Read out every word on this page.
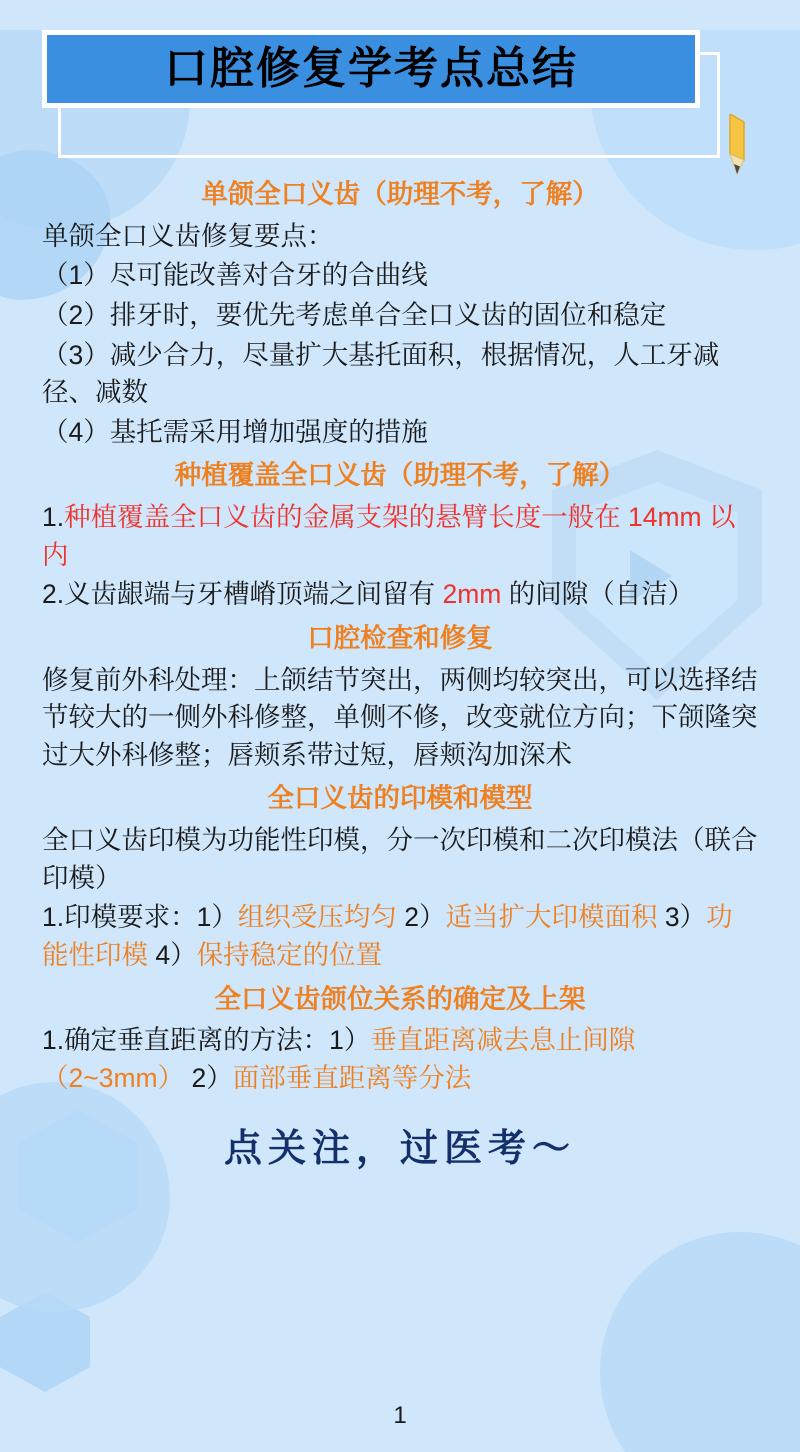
口腔修复学考点总结
单颌全口义齿（助理不考，了解）

单颌全口义齿修复要点：

（1）尽可能改善对合牙的合曲线

（2）排牙时，要优先考虑单合全口义齿的固位和稳定

（3）减少合力，尽量扩大基托面积，根据情况，人工牙减径、减数

（4）基托需采用增加强度的措施

种植覆盖全口义齿（助理不考，了解）

1.种植覆盖全口义齿的金属支架的悬臂长度一般在 14mm 以内

2.义齿龈端与牙槽嵴顶端之间留有 2mm 的间隙（自洁）

口腔检查和修复

修复前外科处理：上颌结节突出，两侧均较突出，可以选择结节较大的一侧外科修整，单侧不修，改变就位方向；下颌隆突过大外科修整；唇颊系带过短，唇颊沟加深术

全口义齿的印模和模型

全口义齿印模为功能性印模，分一次印模和二次印模法（联合印模）

1.印模要求：1）组织受压均匀 2）适当扩大印模面积 3）功能性印模 4）保持稳定的位置

全口义齿颌位关系的确定及上架

1.确定垂直距离的方法：1）垂直距离减去息止间隙（2~3mm） 2）面部垂直距离等分法

点关注，过医考～
1
